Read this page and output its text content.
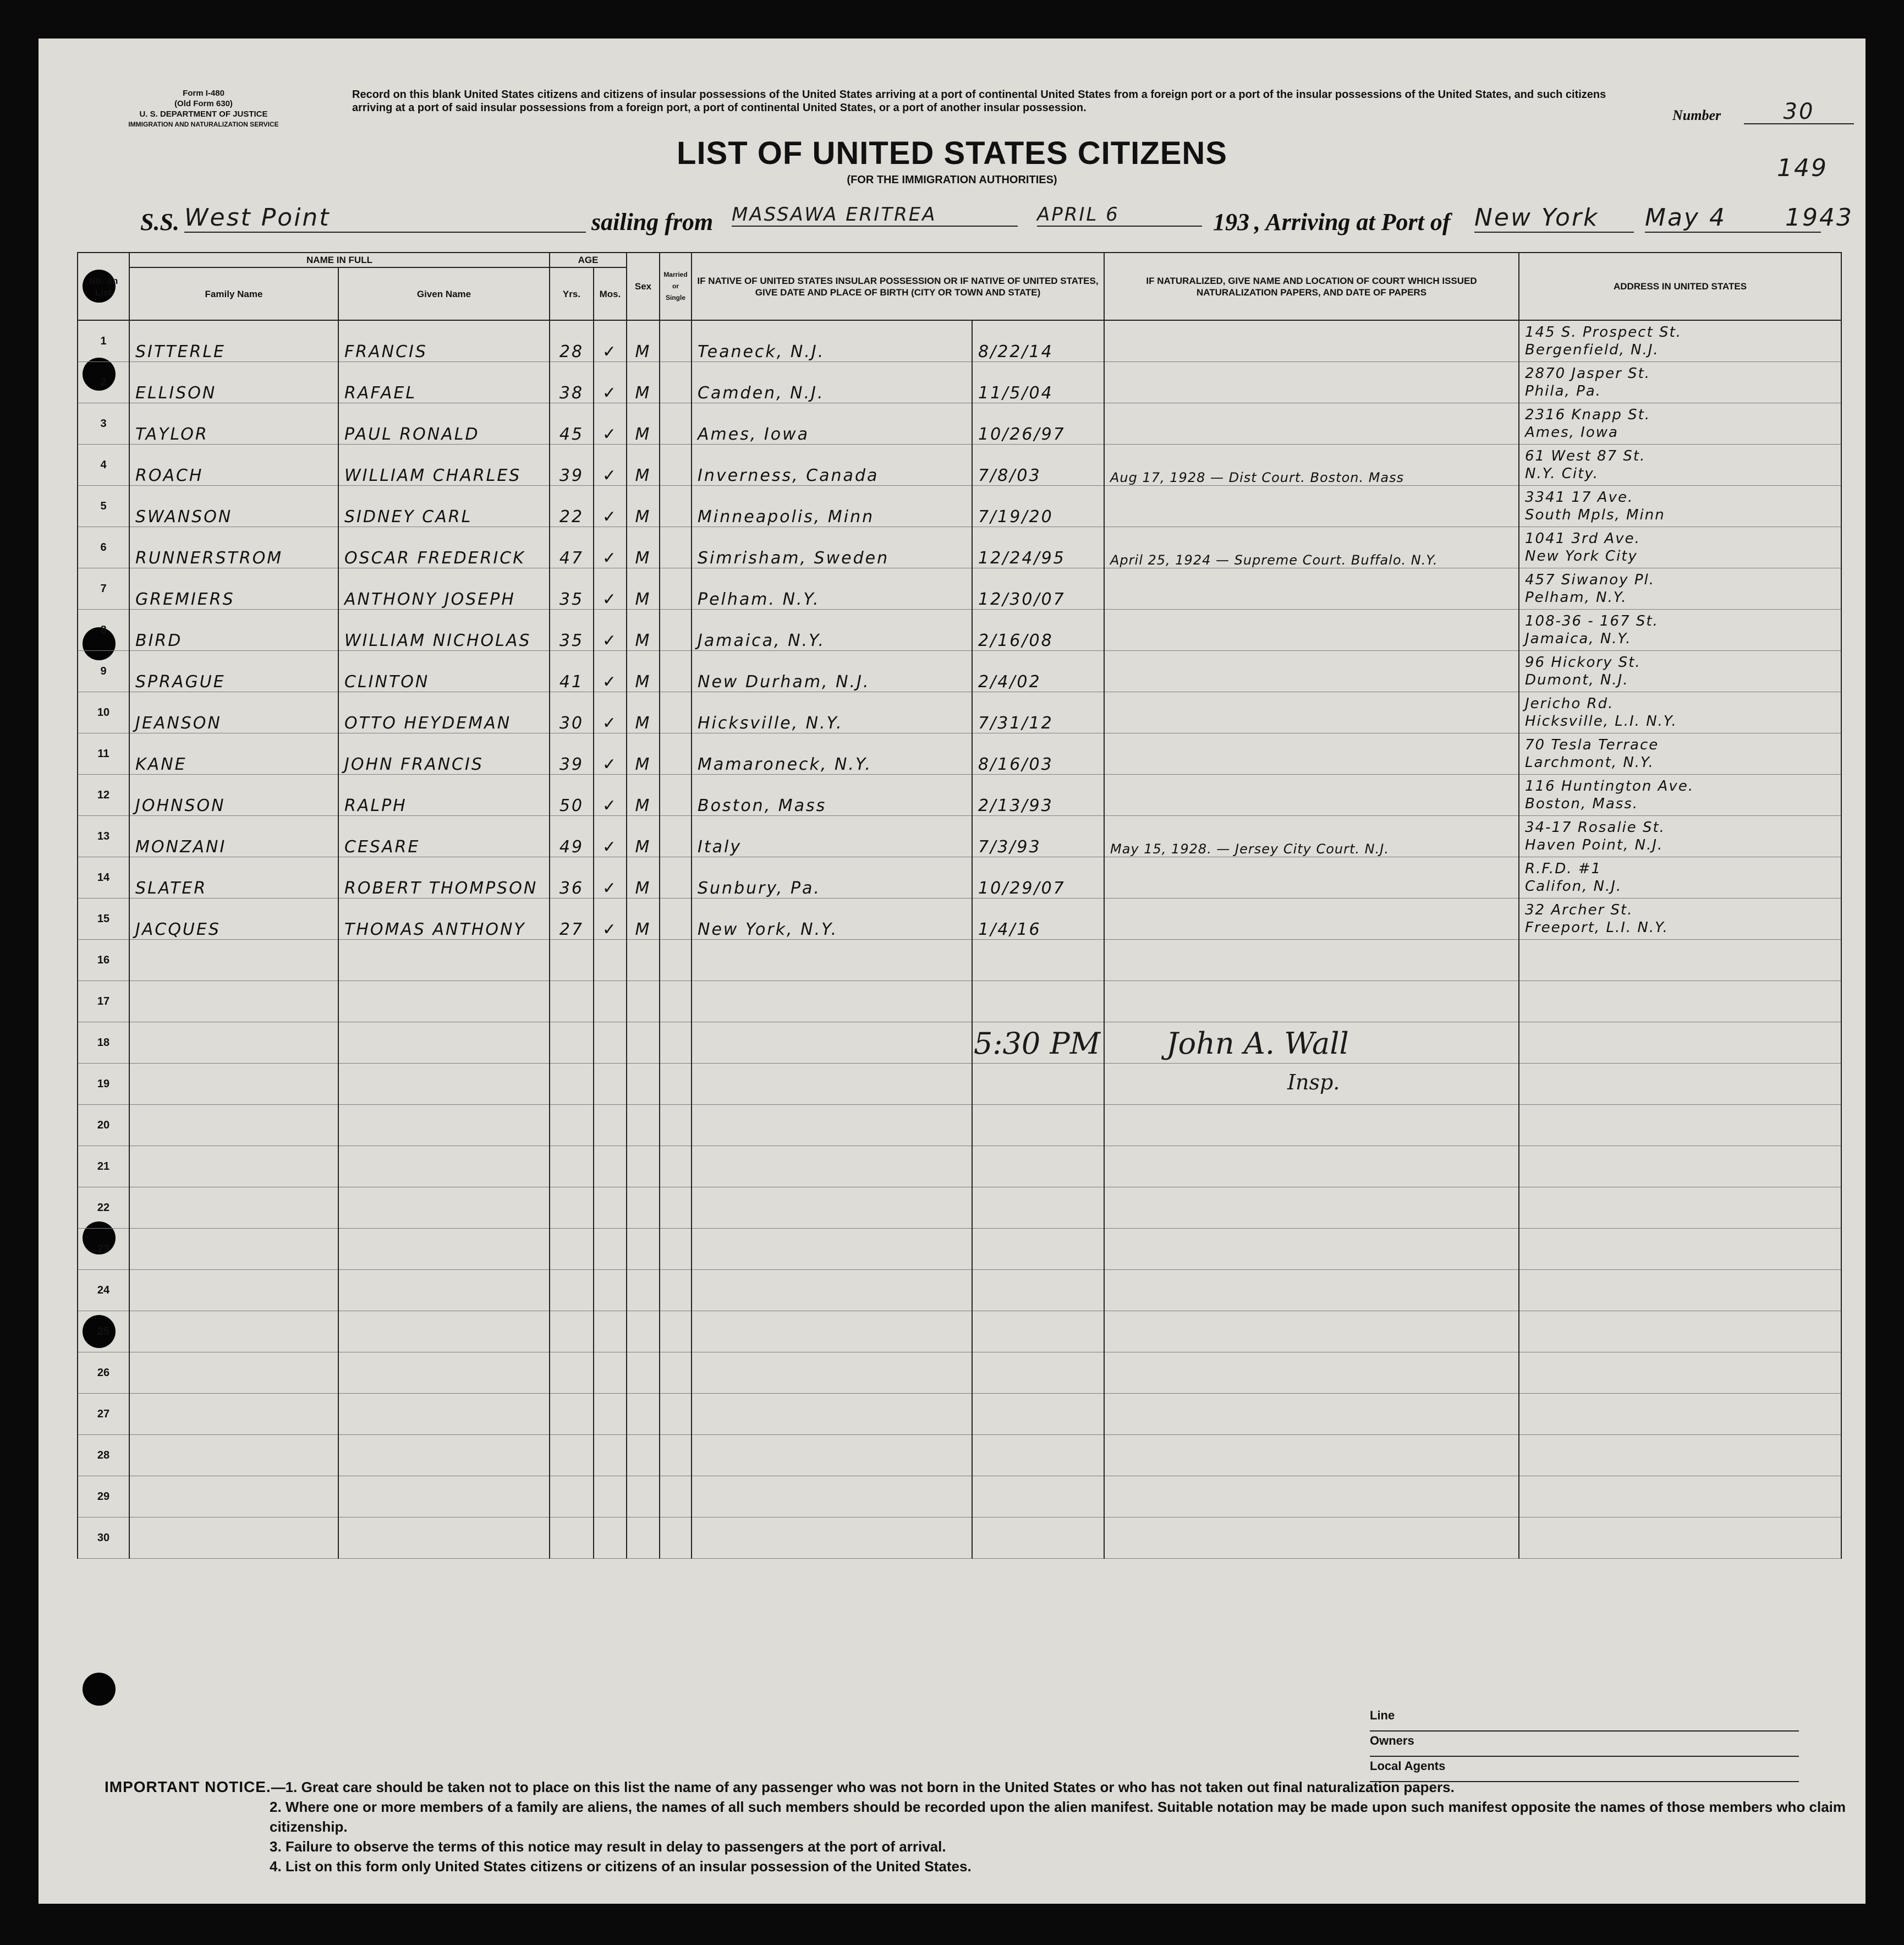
Form I-480
(Old Form 630)
U. S. DEPARTMENT OF JUSTICE
IMMIGRATION AND NATURALIZATION SERVICE
Record on this blank United States citizens and citizens of insular possessions of the United States arriving at a port of continental United States from a foreign port or a port of the insular possessions of the United States, and such citizens arriving at a port of said insular possessions from a foreign port, a port of continental United States, or a port of another insular possession.	Number	30
LIST OF UNITED STATES CITIZENS
(FOR THE IMMIGRATION AUTHORITIES)	149
S.S. West Point	sailing from MASSAWA ERITREA	APRIL 6	193 , Arriving at Port of New York	May 4	1943
No. on List	NAME IN FULL		AGE		Sex	Married or Single	IF NATIVE OF UNITED STATES INSULAR POSSESSION OR IF NATIVE OF UNITED STATES, GIVE DATE AND PLACE OF BIRTH (CITY OR TOWN AND STATE)		IF NATURALIZED, GIVE NAME AND LOCATION OF COURT WHICH ISSUED NATURALIZATION PAPERS, AND DATE OF PAPERS	ADDRESS IN UNITED STATES
	Family Name	Given Name	Yrs.	Mos.						
1	SITTERLE	FRANCIS	28	✓	M		Teaneck, N.J.	8/22/14		145 S. Prospect St.
Bergenfield, N.J.

2	ELLISON	RAFAEL	38	✓	M		Camden, N.J.	11/5/04		2870 Jasper St.
Phila, Pa.

3	TAYLOR	PAUL RONALD	45	✓	M		Ames, Iowa	10/26/97		2316 Knapp St.
Ames, Iowa

4	ROACH	WILLIAM CHARLES	39	✓	M		Inverness, Canada	7/8/03	Aug 17, 1928 — Dist Court. Boston. Mass	61 West 87 St.
N.Y. City.

5	SWANSON	SIDNEY CARL	22	✓	M		Minneapolis, Minn	7/19/20		3341 17 Ave.
South Mpls, Minn

6	RUNNERSTROM	OSCAR FREDERICK	47	✓	M		Simrisham, Sweden	12/24/95	April 25, 1924 — Supreme Court. Buffalo. N.Y.	1041 3rd Ave.
New York City

7	GREMIERS	ANTHONY JOSEPH	35	✓	M		Pelham. N.Y.	12/30/07		457 Siwanoy Pl.
Pelham, N.Y.

8	BIRD	WILLIAM NICHOLAS	35	✓	M		Jamaica, N.Y.	2/16/08		108-36 - 167 St.
Jamaica, N.Y.

9	SPRAGUE	CLINTON	41	✓	M		New Durham, N.J.	2/4/02		96 Hickory St.
Dumont, N.J.

10	JEANSON	OTTO HEYDEMAN	30	✓	M		Hicksville, N.Y.	7/31/12		Jericho Rd.
Hicksville, L.I. N.Y.

11	KANE	JOHN FRANCIS	39	✓	M		Mamaroneck, N.Y.	8/16/03		70 Tesla Terrace
Larchmont, N.Y.

12	JOHNSON	RALPH	50	✓	M		Boston, Mass	2/13/93		116 Huntington Ave.
Boston, Mass.

13	MONZANI	CESARE	49	✓	M		Italy	7/3/93	May 15, 1928. — Jersey City Court. N.J.	34-17 Rosalie St.
Haven Point, N.J.

14	SLATER	ROBERT THOMPSON	36	✓	M		Sunbury, Pa.	10/29/07		R.F.D. #1
Califon, N.J.

15	JACQUES	THOMAS ANTHONY	27	✓	M		New York, N.Y.	1/4/16		32 Archer St.
Freeport, L.I. N.Y.

16										
17										
18										
19										
20										
21										
22										
23										
24										
25										
26										
27										
28										
29										
30										
5:30 PM John A. Wall
Insp.
Line
Owners
Local Agents
IMPORTANT NOTICE.—1. Great care should be taken not to place on this list the name of any passenger who was not born in the United States or who has not taken out final naturalization papers.
2. Where one or more members of a family are aliens, the names of all such members should be recorded upon the alien manifest. Suitable notation may be made upon such manifest opposite the names of those members who claim citizenship.
3. Failure to observe the terms of this notice may result in delay to passengers at the port of arrival.
4. List on this form only United States citizens or citizens of an insular possession of the United States.
